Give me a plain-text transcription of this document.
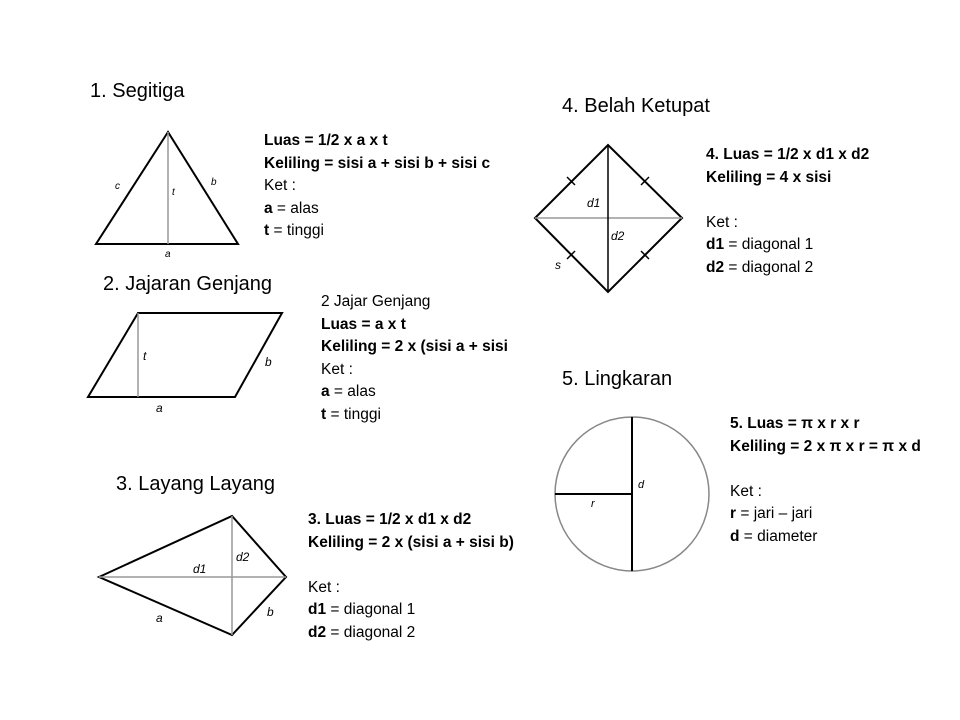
1. Segitiga
c
t
b
a
Luas = 1/2 x a x t
Keliling = sisi a + sisi b + sisi c
Ket :
a = alas
t = tinggi
2. Jajaran Genjang
t	b
a
2 Jajar Genjang
Luas = a x t
Keliling = 2 x (sisi a + sisi
Ket :
a = alas
t = tinggi
3. Layang Layang
d2
d1
a	b
3. Luas = 1/2 x d1 x d2
Keliling = 2 x (sisi a + sisi b)
Ket :
d1 = diagonal 1
d2 = diagonal 2
4. Belah Ketupat
d1
d2
s
4. Luas = 1/2 x d1 x d2
Keliling = 4 x sisi
Ket :
d1 = diagonal 1
d2 = diagonal 2
5. Lingkaran
d
r
5. Luas = π x r x r
Keliling = 2 x π x r = π x d
Ket :
r = jari – jari
d = diameter
